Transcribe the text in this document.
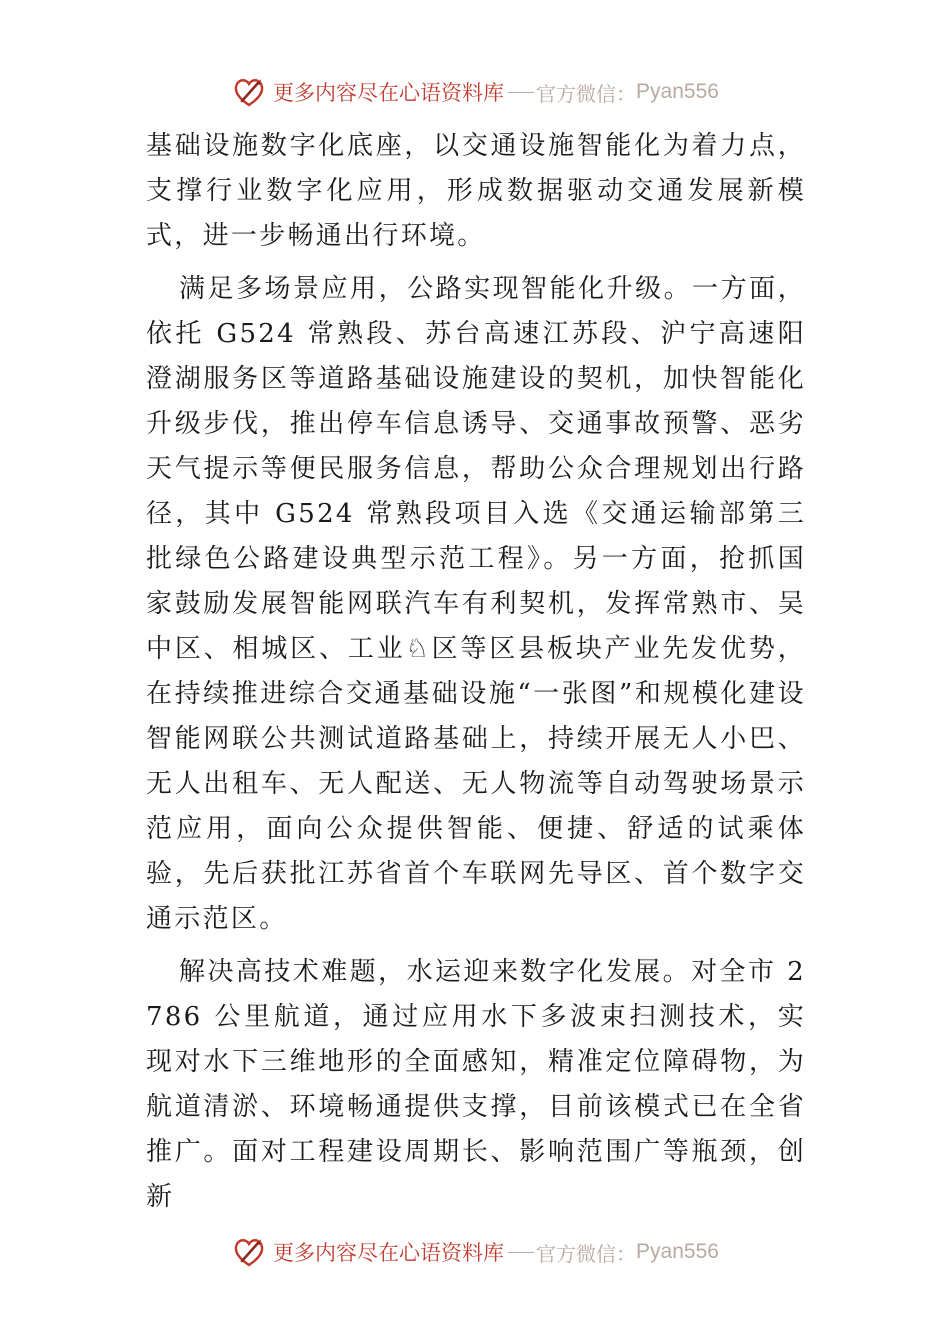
更多内容尽在心语资料库 官方微信： Pyan556

基础设施数字化底座，以交通设施智能化为着力点，支撑行业数字化应用，形成数据驱动交通发展新模式，进一步畅通出行环境。

满足多场景应用，公路实现智能化升级。一方面，依托 G524 常熟段、苏台高速江苏段、沪宁高速阳澄湖服务区等道路基础设施建设的契机，加快智能化升级步伐，推出停车信息诱导、交通事故预警、恶劣天气提示等便民服务信息，帮助公众合理规划出行路径，其中 G524 常熟段项目入选《交通运输部第三批绿色公路建设典型示范工程》。另一方面，抢抓国家鼓励发展智能网联汽车有利契机，发挥常熟市、吴中区、相城区、工业♘区等区县板块产业先发优势，在持续推进综合交通基础设施“一张图”和规模化建设智能网联公共测试道路基础上，持续开展无人小巴、无人出租车、无人配送、无人物流等自动驾驶场景示范应用，面向公众提供智能、便捷、舒适的试乘体验，先后获批江苏省首个车联网先导区、首个数字交通示范区。

解决高技术难题，水运迎来数字化发展。对全市 2786 公里航道，通过应用水下多波束扫测技术，实现对水下三维地形的全面感知，精准定位障碍物，为航道清淤、环境畅通提供支撑，目前该模式已在全省推广。面对工程建设周期长、影响范围广等瓶颈，创新

更多内容尽在心语资料库 官方微信： Pyan556
